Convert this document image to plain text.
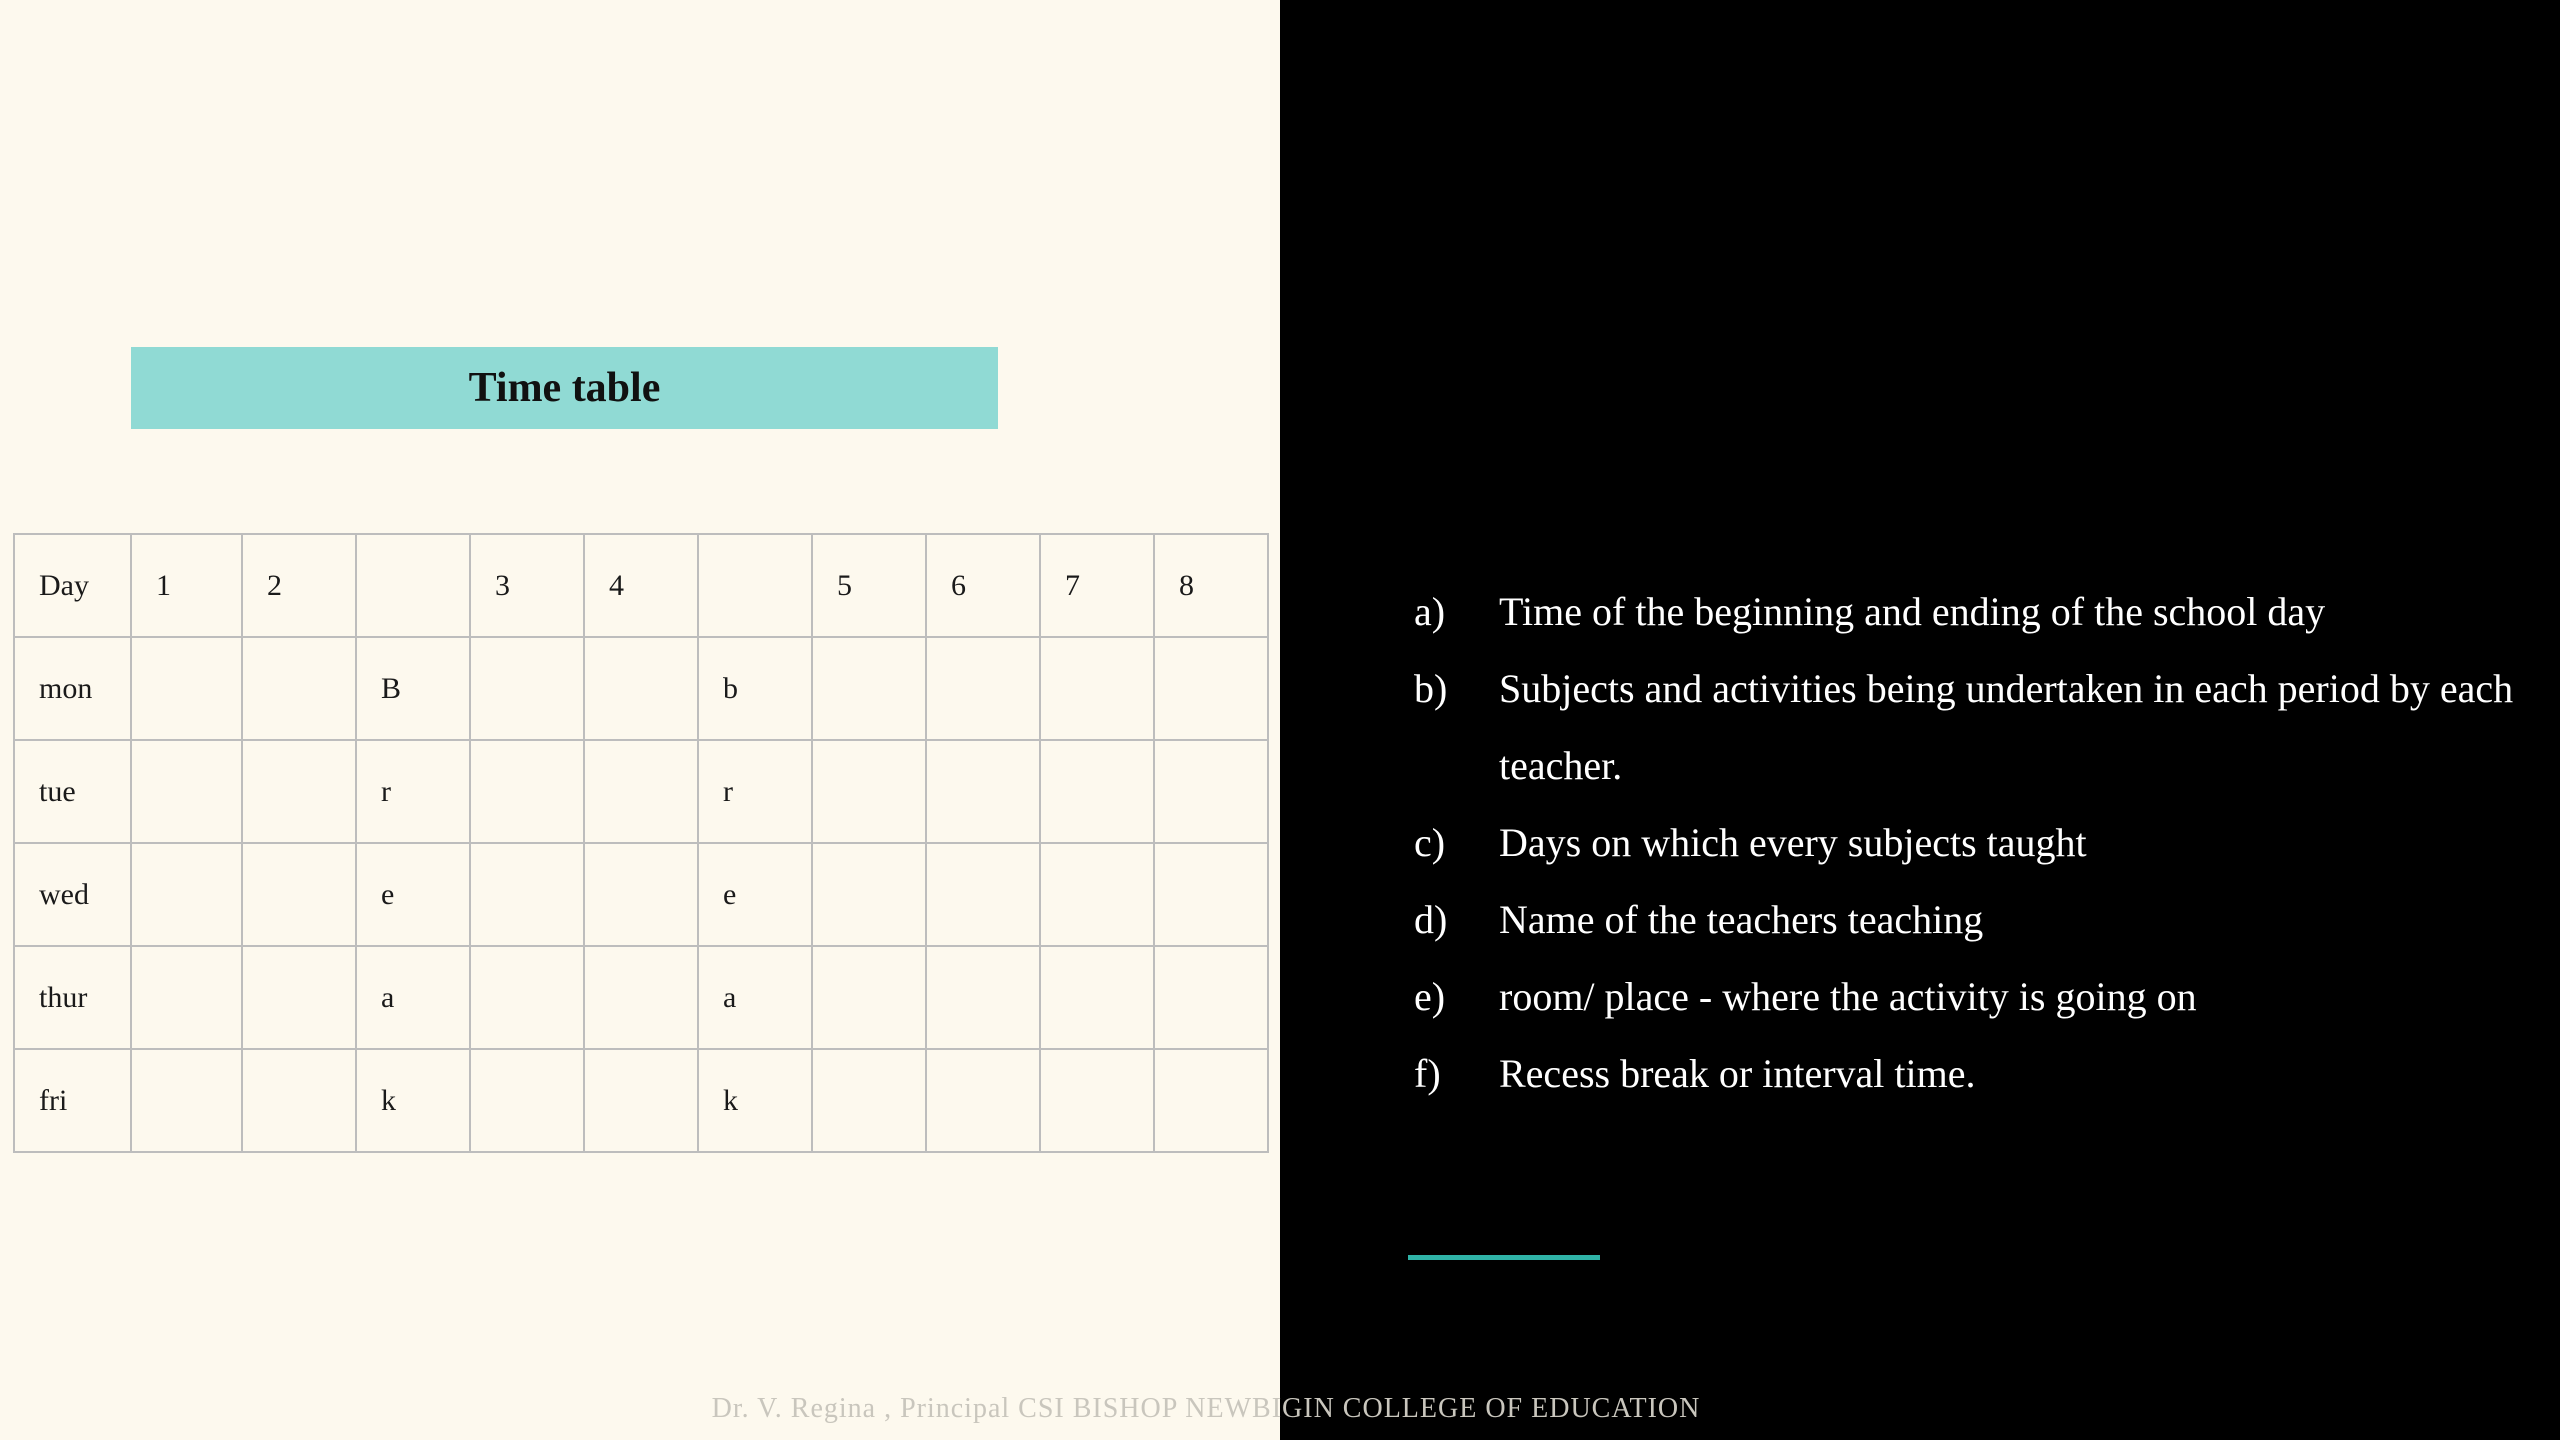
Time table
Day	1	2		3	4		5	6	7	8
mon			B			b				
tue			r			r				
wed			e			e				
thur			a			a				
fri			k			k				
a)	Time of the beginning and ending of the school day
b)	Subjects and activities being undertaken in each period by each teacher.
c)	Days on which every subjects taught
d)	Name of the teachers teaching
e)	room/ place - where the activity is going on
f)	Recess break or interval time.
Dr. V. Regina , Principal CSI BISHOP NEWBIGIN COLLEGE OF EDUCATION
